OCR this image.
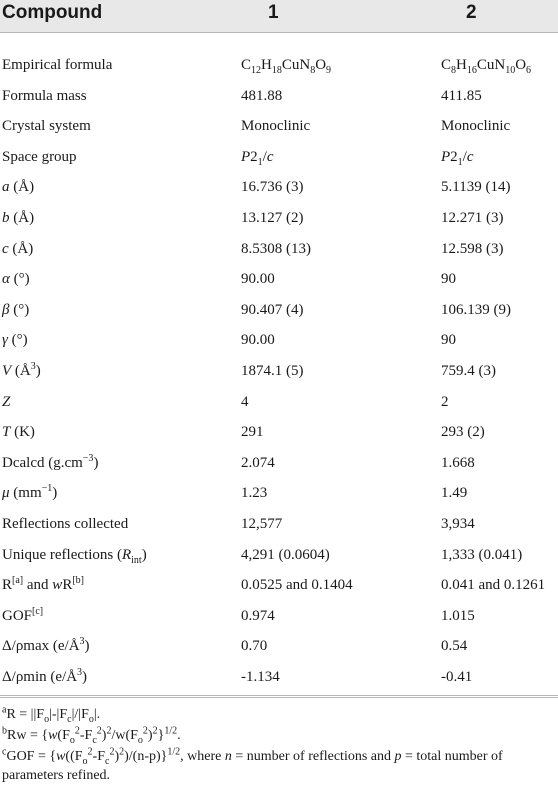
Compound	1	2
Empirical formula	$C_{12}H_{18}CuN_8O_9$	$C_8H_{16}CuN_{10}O_6$
Formula mass	481.88	411.85
Crystal system	Monoclinic	Monoclinic
Space group	$P2_1/c$	$P2_1/c$
a (Å)	16.736 (3)	5.1139 (14)
b (Å)	13.127 (2)	12.271 (3)
c (Å)	8.5308 (13)	12.598 (3)
α (°)	90.00	90
β (°)	90.407 (4)	106.139 (9)
γ (°)	90.00	90
V $(Å^3)$	1874.1 (5)	759.4 (3)
Z	4	2
T (K)	291	293 (2)
Dcalcd $(g.cm^{-3})$	2.074	1.668
μ $(mm^{-1})$	1.23	1.49
Reflections collected	12,577	3,934
Unique reflections $(R_{int})$	4,291 (0.0604)	1,333 (0.041)
R[a] and wR[b]	0.0525 and 0.1404	0.041 and 0.1261
GOF[c]	0.974	1.015
Δ/ρmax $(e/Å^3)$	0.70	0.54
Δ/ρmin $(e/Å^3)$	-1.134	-0.41
$^aR = ||F_o|-|F_c|/|F_o|$.
$^bRw = \{w(F_o^2-F_c^2)^2/w(F_o^2)^2\}^{1/2}$.
$^cGOF = \{w((F_o^2-F_c^2)^2)/(n-p)\}^{1/2}$, where n = number of reflections and p = total number of parameters refined.
